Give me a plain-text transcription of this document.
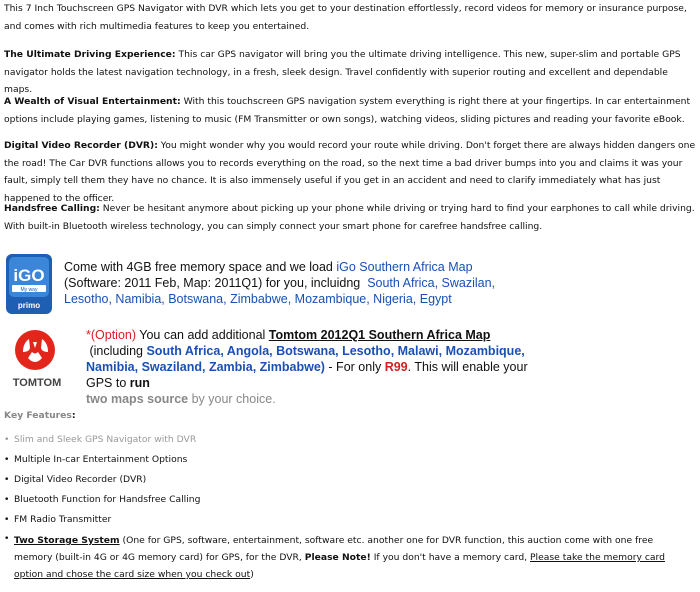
This 7 Inch Touchscreen GPS Navigator with DVR which lets you get to your destination effortlessly, record videos for memory or insurance purpose, and comes with rich multimedia features to keep you entertained.
The Ultimate Driving Experience: This car GPS navigator will bring you the ultimate driving intelligence. This new, super-slim and portable GPS navigator holds the latest navigation technology, in a fresh, sleek design. Travel confidently with superior routing and excellent and dependable maps.
A Wealth of Visual Entertainment: With this touchscreen GPS navigation system everything is right there at your fingertips. In car entertainment options include playing games, listening to music (FM Transmitter or own songs), watching videos, sliding pictures and reading your favorite eBook.
Digital Video Recorder (DVR): You might wonder why you would record your route while driving. Don't forget there are always hidden dangers one the road! The Car DVR functions allows you to records everything on the road, so the next time a bad driver bumps into you and claims it was your fault, simply tell them they have no chance. It is also immensely useful if you get in an accident and need to clarify immediately what has just happened to the officer.
Handsfree Calling: Never be hesitant anymore about picking up your phone while driving or trying hard to find your earphones to call while driving. With built-in Bluetooth wireless technology, you can simply connect your smart phone for carefree handsfree calling.
iGO
My way
primo
Come with 4GB free memory space and we load iGo Southern Africa Map (Software: 2011 Feb, Map: 2011Q1) for you, incluidng South Africa, Swazilan, Lesotho, Namibia, Botswana, Zimbabwe, Mozambique, Nigeria, Egypt
TOMTOM
*(Option) You can add additional Tomtom 2012Q1 Southern Africa Map
(including South Africa, Angola, Botswana, Lesotho, Malawi, Mozambique, Namibia, Swaziland, Zambia, Zimbabwe) - For only R99. This will enable your GPS to run
two maps source by your choice.
Key Features:
• Slim and Sleek GPS Navigator with DVR
• Multiple In-car Entertainment Options
• Digital Video Recorder (DVR)
• Bluetooth Function for Handsfree Calling
• FM Radio Transmitter
• Two Storage System (One for GPS, software, entertainment, software etc. another one for DVR function, this auction come with one free memory (built-in 4G or 4G memory card) for GPS, for the DVR, Please Note! If you don't have a memory card, Please take the memory card option and chose the card size when you check out)
